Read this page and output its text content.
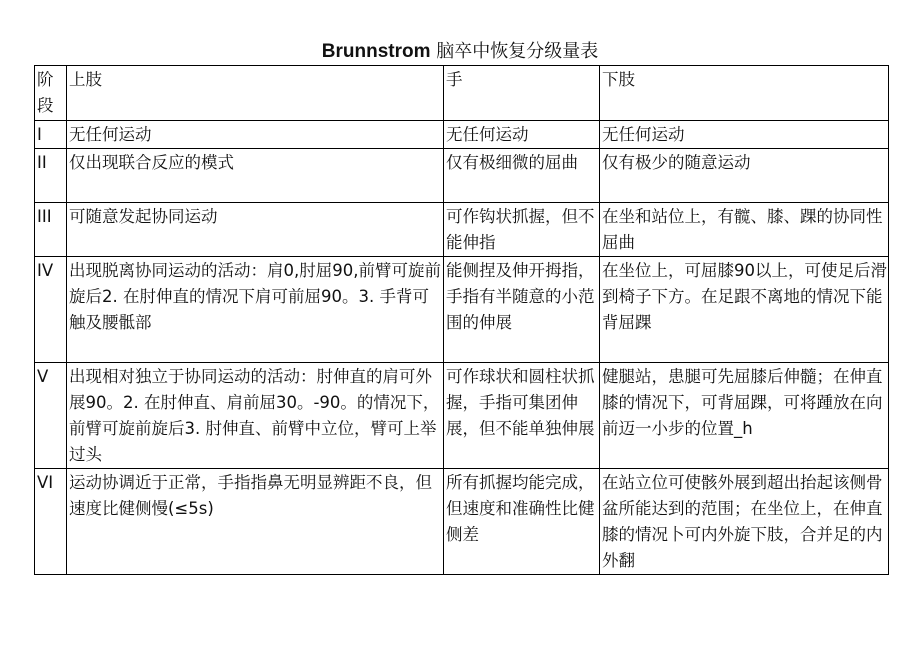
Brunnstrom 脑卒中恢复分级量表
阶段	上肢	手	下肢

I	无任何运动	无任何运动	无任何运动

II	仅出现联合反应的模式	仅有极细微的屈曲	仅有极少的随意运动

III	可随意发起协同运动	可作钩状抓握，但不能伸指	在坐和站位上，有髋、膝、踝的协同性屈曲

IV	出现脱离协同运动的活动：肩0,肘屈90,前臂可旋前旋后2. 在肘伸直的情况下肩可前屈90。3. 手背可触及腰骶部	能侧捏及伸开拇指，手指有半随意的小范围的伸展	在坐位上，可屈膝90以上，可使足后滑到椅子下方。在足跟不离地的情况下能背屈踝

V	出现相对独立于协同运动的活动：肘伸直的肩可外展90。2. 在肘伸直、肩前屈30。-90。的情况下，前臂可旋前旋后3. 肘伸直、前臂中立位，臂可上举过头	可作球状和圆柱状抓握，手指可集团伸展，但不能单独伸展	健腿站，患腿可先屈膝后伸髓；在伸直膝的情况下，可背屈踝，可将踵放在向前迈一小步的位置_h

VI	运动协调近于正常，手指指鼻无明显辨距不良，但速度比健侧慢(≤5s)	所有抓握均能完成，但速度和准确性比健侧差	在站立位可使骸外展到超出抬起该侧骨盆所能达到的范围；在坐位上，在伸直膝的情况卜可内外旋下肢，合并足的内外翻
